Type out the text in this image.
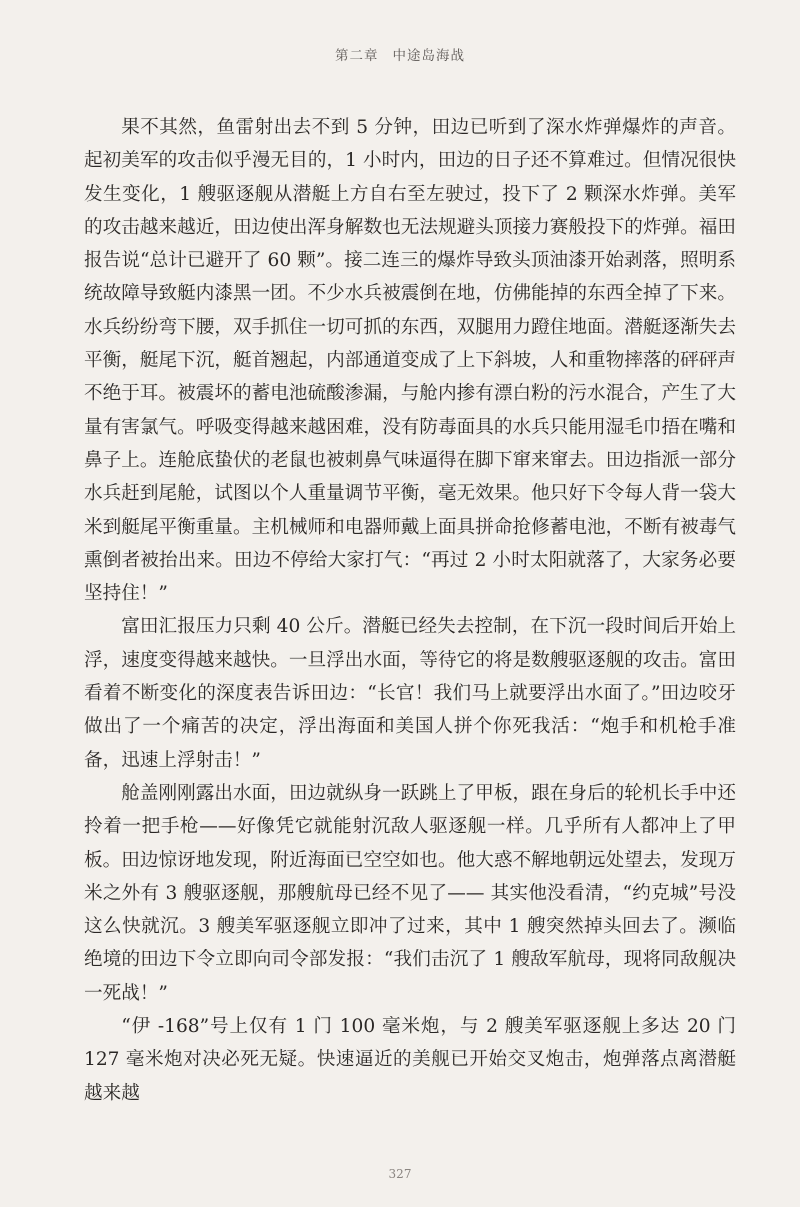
第二章 中途岛海战

果不其然，鱼雷射出去不到 5 分钟，田边已听到了深水炸弹爆炸的声音。起初美军的攻击似乎漫无目的，1 小时内，田边的日子还不算难过。但情况很快发生变化，1 艘驱逐舰从潜艇上方自右至左驶过，投下了 2 颗深水炸弹。美军的攻击越来越近，田边使出浑身解数也无法规避头顶接力赛般投下的炸弹。福田报告说“总计已避开了 60 颗”。接二连三的爆炸导致头顶油漆开始剥落，照明系统故障导致艇内漆黑一团。不少水兵被震倒在地，仿佛能掉的东西全掉了下来。水兵纷纷弯下腰，双手抓住一切可抓的东西，双腿用力蹬住地面。潜艇逐渐失去平衡，艇尾下沉，艇首翘起，内部通道变成了上下斜坡，人和重物摔落的砰砰声不绝于耳。被震坏的蓄电池硫酸渗漏，与舱内掺有漂白粉的污水混合，产生了大量有害氯气。呼吸变得越来越困难，没有防毒面具的水兵只能用湿毛巾捂在嘴和鼻子上。连舱底蛰伏的老鼠也被刺鼻气味逼得在脚下窜来窜去。田边指派一部分水兵赶到尾舱，试图以个人重量调节平衡，毫无效果。他只好下令每人背一袋大米到艇尾平衡重量。主机械师和电器师戴上面具拼命抢修蓄电池，不断有被毒气熏倒者被抬出来。田边不停给大家打气：“再过 2 小时太阳就落了，大家务必要坚持住！”

富田汇报压力只剩 40 公斤。潜艇已经失去控制，在下沉一段时间后开始上浮，速度变得越来越快。一旦浮出水面，等待它的将是数艘驱逐舰的攻击。富田看着不断变化的深度表告诉田边：“长官！我们马上就要浮出水面了。”田边咬牙做出了一个痛苦的决定，浮出海面和美国人拼个你死我活：“炮手和机枪手准备，迅速上浮射击！”

舱盖刚刚露出水面，田边就纵身一跃跳上了甲板，跟在身后的轮机长手中还拎着一把手枪——好像凭它就能射沉敌人驱逐舰一样。几乎所有人都冲上了甲板。田边惊讶地发现，附近海面已空空如也。他大惑不解地朝远处望去，发现万米之外有 3 艘驱逐舰，那艘航母已经不见了—— 其实他没看清，“约克城”号没这么快就沉。3 艘美军驱逐舰立即冲了过来，其中 1 艘突然掉头回去了。濒临绝境的田边下令立即向司令部发报：“我们击沉了 1 艘敌军航母，现将同敌舰决一死战！”

“伊 -168”号上仅有 1 门 100 毫米炮，与 2 艘美军驱逐舰上多达 20 门 127 毫米炮对决必死无疑。快速逼近的美舰已开始交叉炮击，炮弹落点离潜艇越来越

327
